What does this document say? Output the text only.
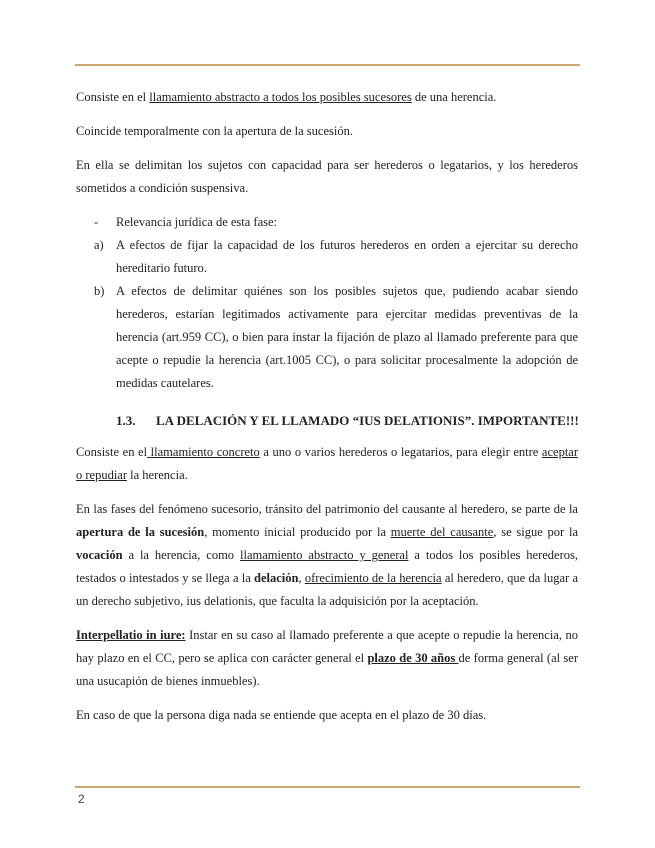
Consiste en el llamamiento abstracto a todos los posibles sucesores de una herencia.

Coincide temporalmente con la apertura de la sucesión.

En ella se delimitan los sujetos con capacidad para ser herederos o legatarios, y los herederos sometidos a condición suspensiva.

-	Relevancia jurídica de esta fase:
a) A efectos de fijar la capacidad de los futuros herederos en orden a ejercitar su derecho hereditario futuro.
b) A efectos de delimitar quiénes son los posibles sujetos que, pudiendo acabar siendo herederos, estarían legitimados activamente para ejercitar medidas preventivas de la herencia (art.959 CC), o bien para instar la fijación de plazo al llamado preferente para que acepte o repudie la herencia (art.1005 CC), o para solicitar procesalmente la adopción de medidas cautelares.
1.3. LA DELACIÓN Y EL LLAMADO “IUS DELATIONIS”. IMPORTANTE!!!

Consiste en el llamamiento concreto a uno o varios herederos o legatarios, para elegir entre aceptar o repudiar la herencia.

En las fases del fenómeno sucesorio, tránsito del patrimonio del causante al heredero, se parte de la apertura de la sucesión, momento inicial producido por la muerte del causante, se sigue por la vocación a la herencia, como llamamiento abstracto y general a todos los posibles herederos, testados o intestados y se llega a la delación, ofrecimiento de la herencia al heredero, que da lugar a un derecho subjetivo, ius delationis, que faculta la adquisición por la aceptación.

Interpellatio in iure: Instar en su caso al llamado preferente a que acepte o repudie la herencia, no hay plazo en el CC, pero se aplica con carácter general el plazo de 30 años de forma general (al ser una usucapión de bienes inmuebles).

En caso de que la persona diga nada se entiende que acepta en el plazo de 30 días.

2
